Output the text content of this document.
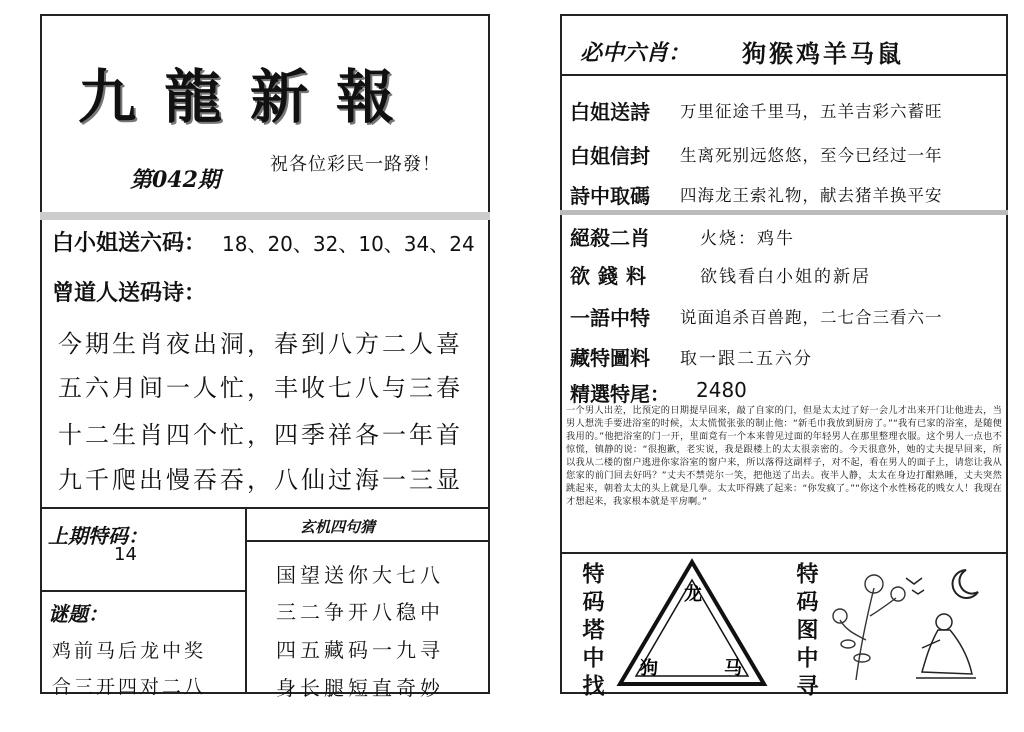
九龍新報
第042期
祝各位彩民一路發！
白小姐送六码： 18、20、32、10、34、24
曾道人送码诗：
今期生肖夜出洞，春到八方二人喜
五六月间一人忙，丰收七八与三春
十二生肖四个忙，四季祥各一年首
九千爬出慢吞吞，八仙过海一三显
上期特码：
14
谜题：
鸡前马后龙中奖
合三开四对二八
玄机四句猜
国望送你大七八
三二争开八稳中
四五藏码一九寻
身长腿短直奇妙
必中六肖： 狗猴鸡羊马鼠
白姐送詩 万里征途千里马，五羊吉彩六蓄旺
白姐信封 生离死别远悠悠，至今已经过一年
詩中取碼 四海龙王索礼物，献去猪羊换平安
絕殺二肖	火烧：鸡牛
欲錢料	欲钱看白小姐的新居
一語中特 说面追杀百兽跑，二七合三看六一
藏特圖料 取一跟二五六分
精選特尾： 2480
一个男人出差，比预定的日期提早回来，敲了自家的门，但是太太过了好一会儿才出来开门让他进去，当男人想洗手要进浴室的时候，太太慌慌张张的制止他：“新毛巾我放到厨房了。”“我有已家的浴室，是随便我用的。”他把浴室的门一开，里面竟有一个本来曾见过面的年轻男人在那里整理衣服。这个男人一点也不惊慌，镇静的说：“很抱歉，老实说，我是跟楼上的太太很亲密的。今天很意外，她的丈夫提早回来，所以我从二楼的窗户逃进你家浴室的窗户来，所以落得这副样子，对不起，看在男人的面子上，请您让我从您家的前门回去好吗？”丈夫不禁莞尔一笑，把他送了出去。夜半人静，太太在身边打酣熟睡，丈夫突然跳起来，朝着太太的头上就是几拳。太太吓得跳了起来：“你发疯了。”“你这个水性杨花的贱女人！我现在才想起来，我家根本就是平房啊。”
特码塔中找	龙
狗	马 特码图中寻
